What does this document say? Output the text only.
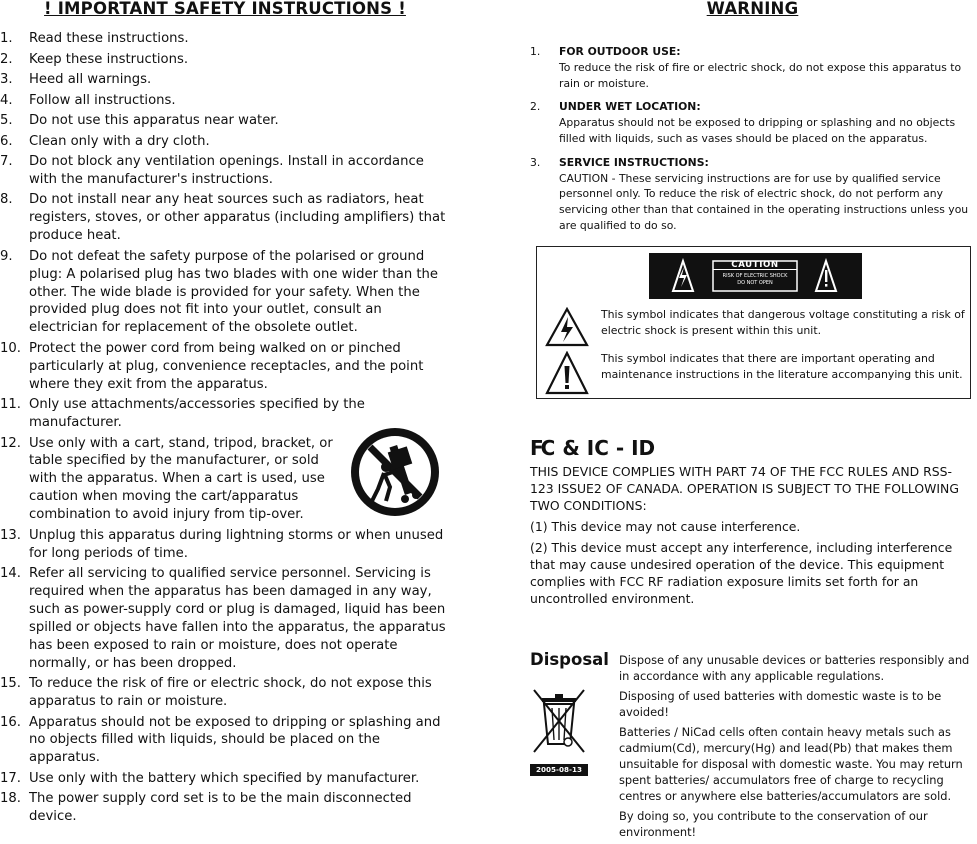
! IMPORTANT SAFETY INSTRUCTIONS !
1. Read these instructions.
2. Keep these instructions.
3. Heed all warnings.
4. Follow all instructions.
5. Do not use this apparatus near water.
6. Clean only with a dry cloth.
7. Do not block any ventilation openings. Install in accordance with the manufacturer's instructions.
8. Do not install near any heat sources such as radiators, heat registers, stoves, or other apparatus (including amplifiers) that produce heat.
9. Do not defeat the safety purpose of the polarised or ground plug: A polarised plug has two blades with one wider than the other. The wide blade is provided for your safety. When the provided plug does not fit into your outlet, consult an electrician for replacement of the obsolete outlet.
10. Protect the power cord from being walked on or pinched particularly at plug, convenience receptacles, and the point where they exit from the apparatus.
11. Only use attachments/accessories specified by the manufacturer.
12. Use only with a cart, stand, tripod, bracket, or table specified by the manufacturer, or sold with the apparatus. When a cart is used, use caution when moving the cart/apparatus combination to avoid injury from tip-over.
13. Unplug this apparatus during lightning storms or when unused for long periods of time.
14. Refer all servicing to qualified service personnel. Servicing is required when the apparatus has been damaged in any way, such as power-supply cord or plug is damaged, liquid has been spilled or objects have fallen into the apparatus, the apparatus has been exposed to rain or moisture, does not operate normally, or has been dropped.
15. To reduce the risk of fire or electric shock, do not expose this apparatus to rain or moisture.
16. Apparatus should not be exposed to dripping or splashing and no objects filled with liquids, should be placed on the apparatus.
17. Use only with the battery which specified by manufacturer.
18. The power supply cord set is to be the main disconnected device.
WARNING
1. FOR OUTDOOR USE:
To reduce the risk of fire or electric shock, do not expose this apparatus to rain or moisture.
2. UNDER WET LOCATION:
Apparatus should not be exposed to dripping or splashing and no objects filled with liquids, such as vases should be placed on the apparatus.
3. SERVICE INSTRUCTIONS:
CAUTION - These servicing instructions are for use by qualified service personnel only. To reduce the risk of electric shock, do not perform any servicing other than that contained in the operating instructions unless you are qualified to do so.
CAUTION
RISK OF ELECTRIC SHOCK
DO NOT OPEN
This symbol indicates that dangerous voltage constituting a risk of electric shock is present within this unit.
This symbol indicates that there are important operating and maintenance instructions in the literature accompanying this unit.
FC & IC - ID

THIS DEVICE COMPLIES WITH PART 74 OF THE FCC RULES AND RSS-123 ISSUE2 OF CANADA. OPERATION IS SUBJECT TO THE FOLLOWING TWO CONDITIONS:

(1) This device may not cause interference.

(2) This device must accept any interference, including interference that may cause undesired operation of the device. This equipment complies with FCC RF radiation exposure limits set forth for an uncontrolled environment.

Disposal
2005-08-13

Dispose of any unusable devices or batteries responsibly and in accordance with any applicable regulations.

Disposing of used batteries with domestic waste is to be avoided!

Batteries / NiCad cells often contain heavy metals such as cadmium(Cd), mercury(Hg) and lead(Pb) that makes them unsuitable for disposal with domestic waste. You may return spent batteries/ accumulators free of charge to recycling centres or anywhere else batteries/accumulators are sold.

By doing so, you contribute to the conservation of our environment!
